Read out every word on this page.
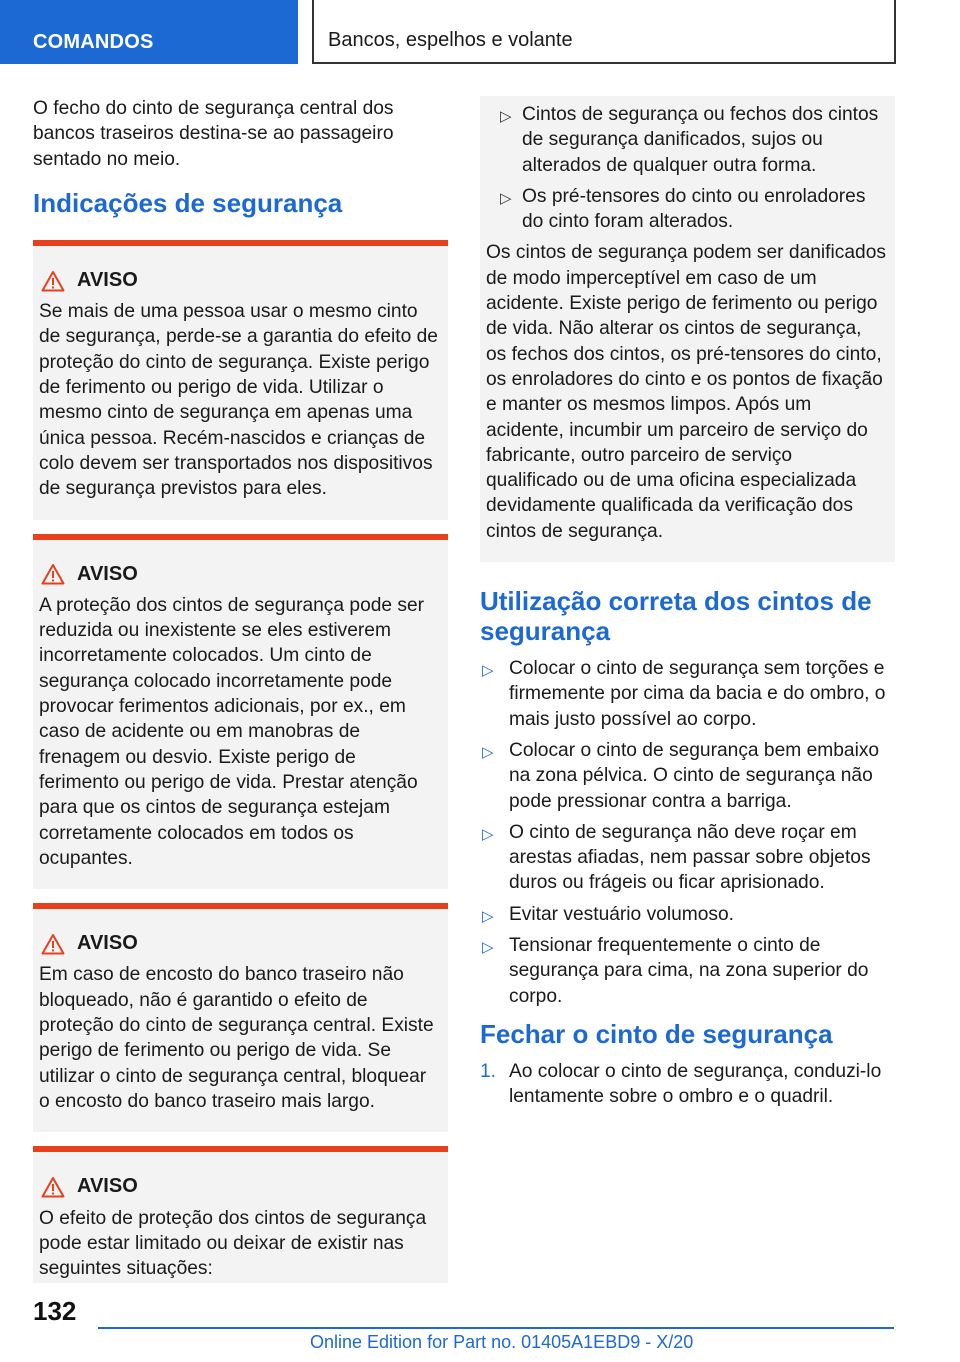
COMANDOS	Bancos, espelhos e volante

O fecho do cinto de segurança central dos bancos traseiros destina-se ao passageiro sentado no meio.

Indicações de segurança
AVISO

Se mais de uma pessoa usar o mesmo cinto de segurança, perde-se a garantia do efeito de proteção do cinto de segurança. Existe perigo de ferimento ou perigo de vida. Utilizar o mesmo cinto de segurança em apenas uma única pessoa. Recém-nascidos e crianças de colo devem ser transportados nos dispositivos de segurança previstos para eles.

AVISO

A proteção dos cintos de segurança pode ser reduzida ou inexistente se eles estiverem incorretamente colocados. Um cinto de segurança colocado incorretamente pode provocar ferimentos adicionais, por ex., em caso de acidente ou em manobras de frenagem ou desvio. Existe perigo de ferimento ou perigo de vida. Prestar atenção para que os cintos de segurança estejam corretamente colocados em todos os ocupantes.

AVISO

Em caso de encosto do banco traseiro não bloqueado, não é garantido o efeito de proteção do cinto de segurança central. Existe perigo de ferimento ou perigo de vida. Se utilizar o cinto de segurança central, bloquear o encosto do banco traseiro mais largo.

AVISO

O efeito de proteção dos cintos de segurança pode estar limitado ou deixar de existir nas seguintes situações:

▷ Cintos de segurança ou fechos dos cintos de segurança danificados, sujos ou alterados de qualquer outra forma.
▷ Os pré-tensores do cinto ou enroladores do cinto foram alterados.

Os cintos de segurança podem ser danificados de modo imperceptível em caso de um acidente. Existe perigo de ferimento ou perigo de vida. Não alterar os cintos de segurança, os fechos dos cintos, os pré-tensores do cinto, os enroladores do cinto e os pontos de fixação e manter os mesmos limpos. Após um acidente, incumbir um parceiro de serviço do fabricante, outro parceiro de serviço qualificado ou de uma oficina especializada devidamente qualificada da verificação dos cintos de segurança.

Utilização correta dos cintos de segurança
▷ Colocar o cinto de segurança sem torções e firmemente por cima da bacia e do ombro, o mais justo possível ao corpo.
▷ Colocar o cinto de segurança bem embaixo na zona pélvica. O cinto de segurança não pode pressionar contra a barriga.
▷ O cinto de segurança não deve roçar em arestas afiadas, nem passar sobre objetos duros ou frágeis ou ficar aprisionado.
▷ Evitar vestuário volumoso.
▷ Tensionar frequentemente o cinto de segurança para cima, na zona superior do corpo.
Fechar o cinto de segurança
1. Ao colocar o cinto de segurança, conduzi-lo lentamente sobre o ombro e o quadril.
132
Online Edition for Part no. 01405A1EBD9 - X/20
